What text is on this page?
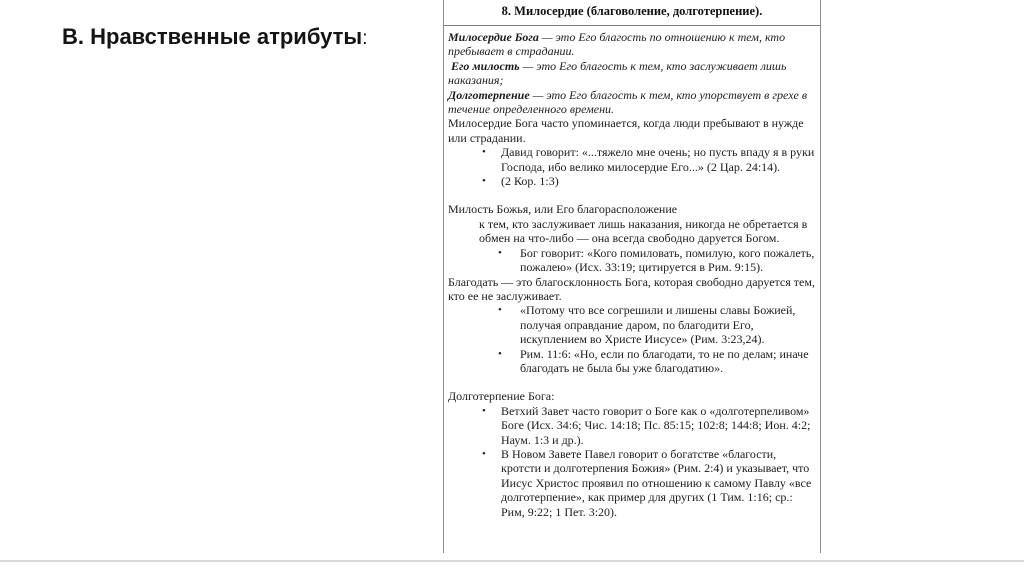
В. Нравственные атрибуты:
8. Милосердие (благоволение, долготерпение).
Милосердие Бога — это Его благость по отношению к тем, кто пребывает в страдании.
Его милость — это Его благость к тем, кто заслуживает лишь наказания;
Долготерпение — это Его благость к тем, кто упорствует в грехе в течение определенного времени.
Милосердие Бога часто упоминается, когда люди пребывают в нужде или страдании.
• Давид говорит: «...тяжело мне очень; но пусть впаду я в руки Господа, ибо велико милосердие Его...» (2 Цар. 24:14).
• (2 Кор. 1:3)
Милость Божья, или Его благорасположение
к тем, кто заслуживает лишь наказания, никогда не обретается в обмен на что-либо — она всегда свободно даруется Богом.
• Бог говорит: «Кого помиловать, помилую, кого пожалеть, пожалею» (Исх. 33:19; цитируется в Рим. 9:15).
Благодать — это благосклонность Бога, которая свободно даруется тем, кто ее не заслуживает.
• «Потому что все согрешили и лишены славы Божией, получая оправдание даром, по благодити Его, искуплением во Христе Иисусе» (Рим. 3:23,24).
• Рим. 11:6: «Но, если по благодати, то не по делам; иначе благодать не была бы уже благодатию».
Долготерпение Бога:
• Ветхий Завет часто говорит о Боге как о «долготерпеливом» Боге (Исх. 34:6; Чис. 14:18; Пс. 85:15; 102:8; 144:8; Ион. 4:2; Наум. 1:3 и др.).
• В Новом Завете Павел говорит о богатстве «благости, кротсти и долготерпения Божия» (Рим. 2:4) и указывает, что Иисус Христос проявил по отношению к самому Павлу «все долготерпение», как пример для других (1 Тим. 1:16; ср.: Рим, 9:22; 1 Пет. 3:20).
